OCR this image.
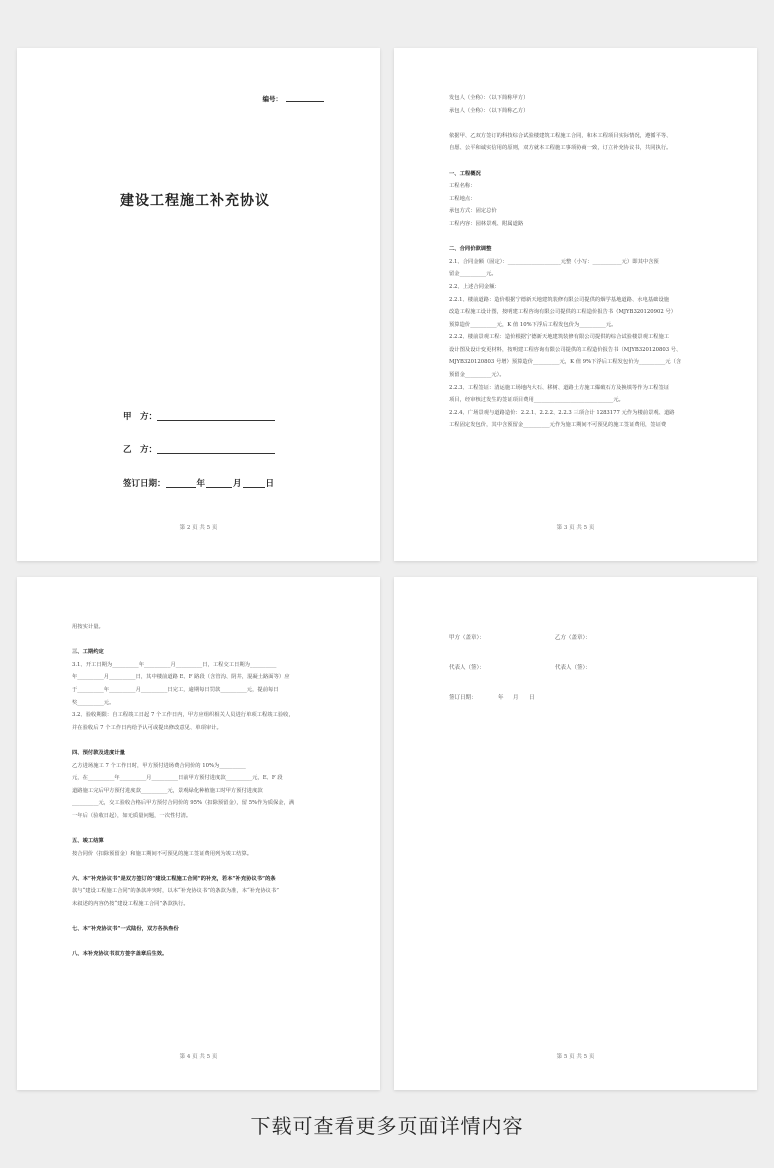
编号：
建设工程施工补充协议
甲　方：
乙　方：
签订日期：	年	月	日
第 2 页 共 5 页

发包人（全称）：（以下简称甲方）

承包人（全称）：（以下简称乙方）

依据甲、乙双方签订的科技综合试验楼建筑工程施工合同，和本工程项目实际情况，遵循平等、

自愿、公平和诚实信用的原则，双方就本工程施工事项协商一致，订立补充协议书，共同执行。

一、工程概况

工程名称：

工程地点：

承包方式：固定总价

工程内容：园林景观、附属道路

二、合同价款调整

2.1、合同金额（固定）：____________________元整（小写：___________元）即其中含预

留金__________元。

2.2、上述合同金额：

2.2.1、楼前道路：造价根据宁德新天地建筑装修有限公司提供的烟学基地道路、水电基础设施

改造工程施工设计图，按明建工程咨询有限公司提供的工程造价报告书（MJYB320120902 号）

预算造价__________元，K 值 10%下浮后工程发包价为__________元。

2.2.2、楼前景观工程：造价根据宁德新天地建筑装修有限公司提供的综合试验楼景观工程施工

设计图及设计变更材料，按明建工程咨询有限公司提供的工程造价报告书（MJYB320120803 号、

MJYB320120803 号增）预算造价__________元，K 值 9%下浮后工程发包价为__________元（含

预留金__________元）。

2.2.3、工程签证：清运施工场地内大石、移树、道路土方施工爆破石方及换填等作为工程签证

项目，经审核过发生的签证项目费用______________________________元。

2.2.4、广场景观与道路造价：2.2.1、2.2.2、2.2.3 三项合计 1283177 元作为楼前景观、道路

工程固定发包价，其中含预留金__________元作为施工期间不可预见的施工签证费用，签证费

第 3 页 共 5 页

用按实计量。

三、工期约定

3.1、开工日期为__________年__________月__________日，工程交工日期为__________

年__________月__________日，其中楼前道路 E、F 路段（含管沟、阴井，混凝土路面等）应

于__________年__________月__________日完工，逾期每日罚款__________元，提前每日

奖__________元。

3.2、验收期限：自工程竣工日起 7 个工作日内，甲方应组织相关人员进行单项工程竣工验收，

并在验收后 7 个工作日内给予认可或提出修改意见、单项审计。

四、预付款及进度计量

乙方进场施工 7 个工作日时，甲方预付进场费合同价的 10%为__________

元，在__________年__________月__________日前甲方预付进度款__________元，E、F 段

道路施工完后甲方预付进度款__________元，景观绿化种植施工时甲方预付进度款

__________元，交工验收合格后甲方预付合同价的 95%（扣除预留金），留 5%作为质保金，满

一年后（验收日起），如无质量问题，一次性付清。

五、竣工结算

按合同价（扣除预留金）和施工期间不可预见的施工签证费用列为竣工结算。

六、本“补充协议书”是双方签订的“建设工程施工合同”的补充，若本“补充协议书”的条

款与“建设工程施工合同”的条款冲突时，以本“补充协议书”的条款为准，本“补充协议书”

未叙述的内容仍按“建设工程施工合同”条款执行。

七、本“补充协议书”一式陆份，双方各执叁份

八、本补充协议书双方签字盖章后生效。

第 4 页 共 5 页
甲方（盖章）：	乙方（盖章）：
代表人（签）：	代表人（签）：
签订日期：	年 月 日
第 5 页 共 5 页
下载可查看更多页面详情内容
